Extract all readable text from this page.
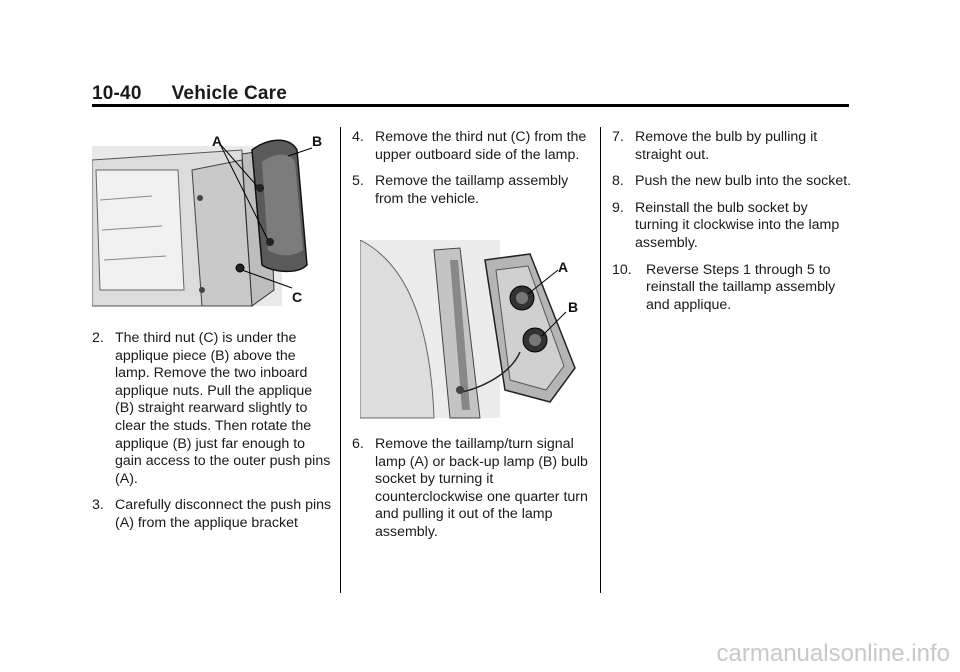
10-40 Vehicle Care
A	B
C
A
B
2. The third nut (C) is under the applique piece (B) above the lamp. Remove the two inboard applique nuts. Pull the applique (B) straight rearward slightly to clear the studs. Then rotate the applique (B) just far enough to gain access to the outer push pins (A).
3. Carefully disconnect the push pins (A) from the applique bracket
4. Remove the third nut (C) from the upper outboard side of the lamp.
5. Remove the taillamp assembly from the vehicle.
6. Remove the taillamp/turn signal lamp (A) or back-up lamp (B) bulb socket by turning it counterclockwise one quarter turn and pulling it out of the lamp assembly.
7. Remove the bulb by pulling it straight out.
8. Push the new bulb into the socket.
9. Reinstall the bulb socket by turning it clockwise into the lamp assembly.
10.	Reverse Steps 1 through 5 to reinstall the taillamp assembly and applique.
carmanualsonline.info
